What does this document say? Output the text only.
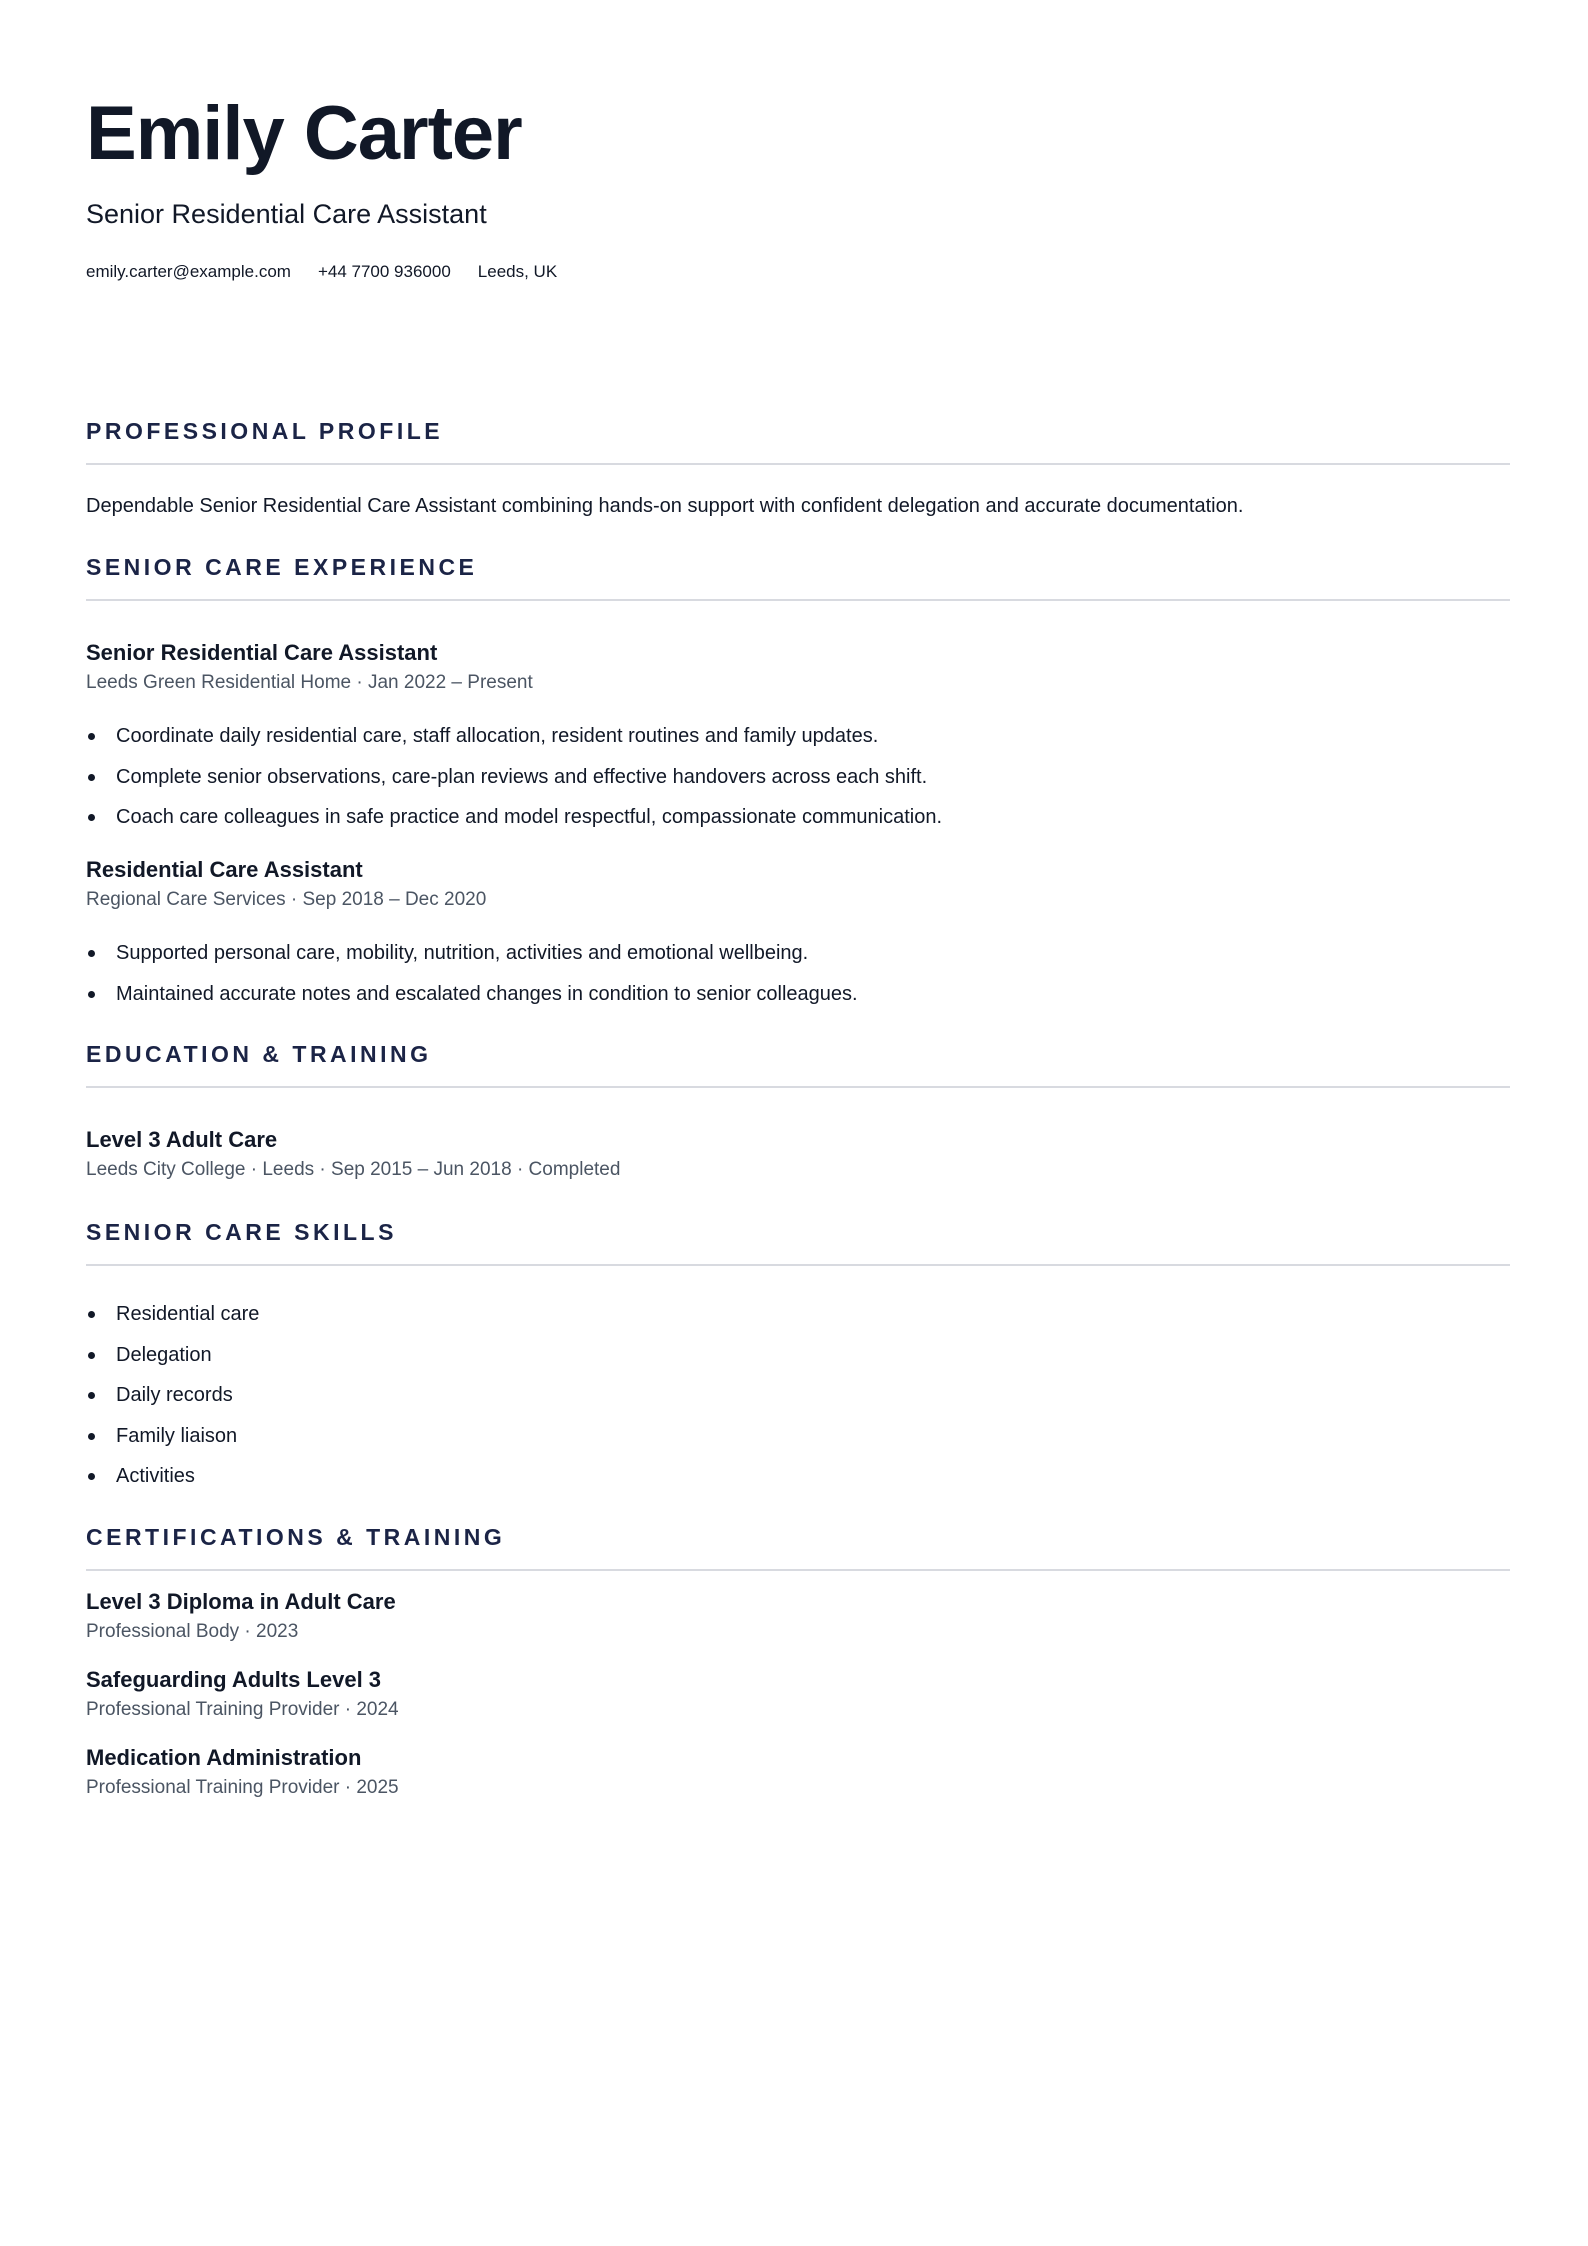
Emily Carter
Senior Residential Care Assistant
emily.carter@example.com +44 7700 936000 Leeds, UK
PROFESSIONAL PROFILE
Dependable Senior Residential Care Assistant combining hands-on support with confident delegation and accurate documentation.
SENIOR CARE EXPERIENCE
Senior Residential Care Assistant
Leeds Green Residential Home · Jan 2022 – Present
Coordinate daily residential care, staff allocation, resident routines and family updates.
Complete senior observations, care-plan reviews and effective handovers across each shift.
Coach care colleagues in safe practice and model respectful, compassionate communication.
Residential Care Assistant
Regional Care Services · Sep 2018 – Dec 2020
Supported personal care, mobility, nutrition, activities and emotional wellbeing.
Maintained accurate notes and escalated changes in condition to senior colleagues.
EDUCATION & TRAINING
Level 3 Adult Care
Leeds City College · Leeds · Sep 2015 – Jun 2018 · Completed
SENIOR CARE SKILLS
Residential care
Delegation
Daily records
Family liaison
Activities
CERTIFICATIONS & TRAINING
Level 3 Diploma in Adult Care
Professional Body · 2023
Safeguarding Adults Level 3
Professional Training Provider · 2024
Medication Administration
Professional Training Provider · 2025
